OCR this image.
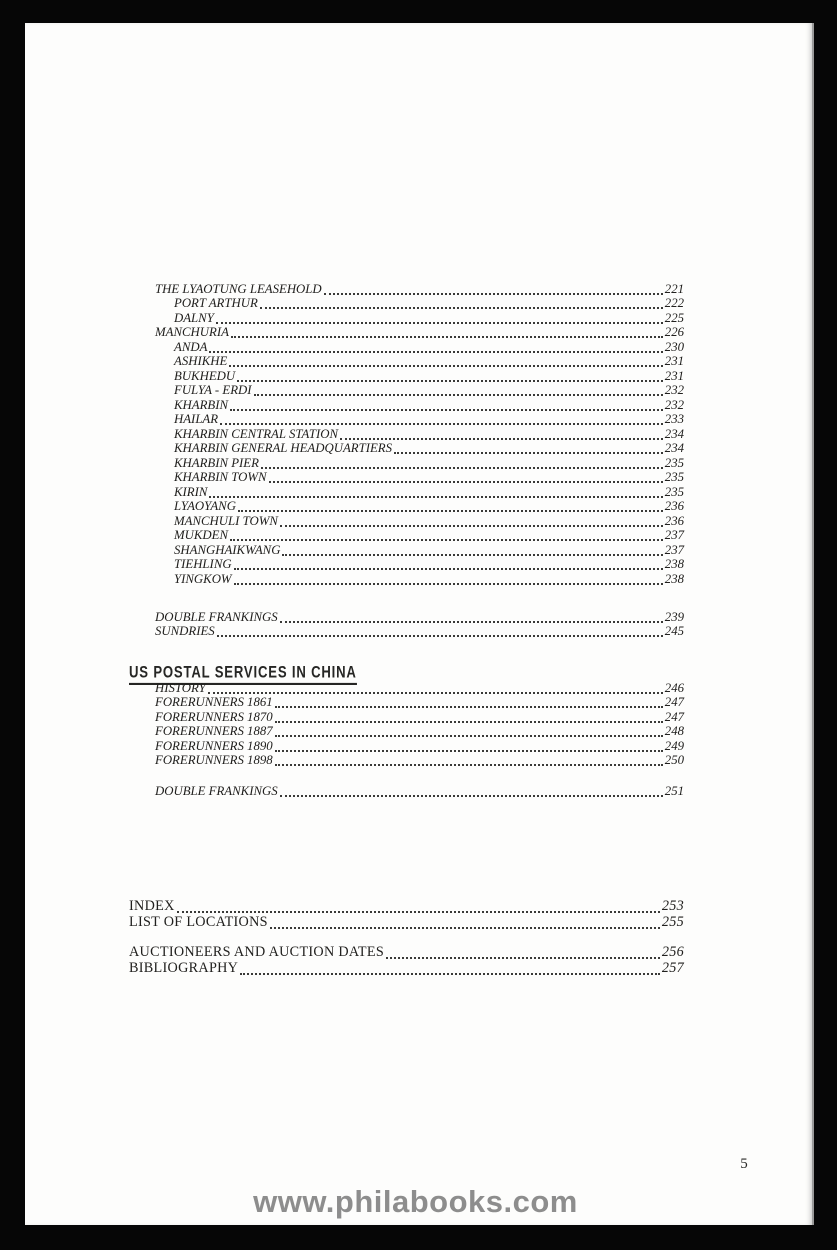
THE LYAOTUNG LEASEHOLD	221
PORT ARTHUR	222
DALNY	225
MANCHURIA	226
ANDA	230
ASHIKHE	231
BUKHEDU	231
FULYA - ERDI	232
KHARBIN	232
HAILAR	233
KHARBIN CENTRAL STATION	234
KHARBIN GENERAL HEADQUARTIERS	234
KHARBIN PIER	235
KHARBIN TOWN	235
KIRIN	235
LYAOYANG	236
MANCHULI TOWN	236
MUKDEN	237
SHANGHAIKWANG	237
TIEHLING	238
YINGKOW	238
DOUBLE FRANKINGS	239
SUNDRIES	245
US POSTAL SERVICES IN CHINA
HISTORY	246
FORERUNNERS 1861	247
FORERUNNERS 1870	247
FORERUNNERS 1887	248
FORERUNNERS 1890	249
FORERUNNERS 1898	250
DOUBLE FRANKINGS	251
INDEX	253
LIST OF LOCATIONS	255
AUCTIONEERS AND AUCTION DATES	256
BIBLIOGRAPHY	257
5
www.philabooks.com
